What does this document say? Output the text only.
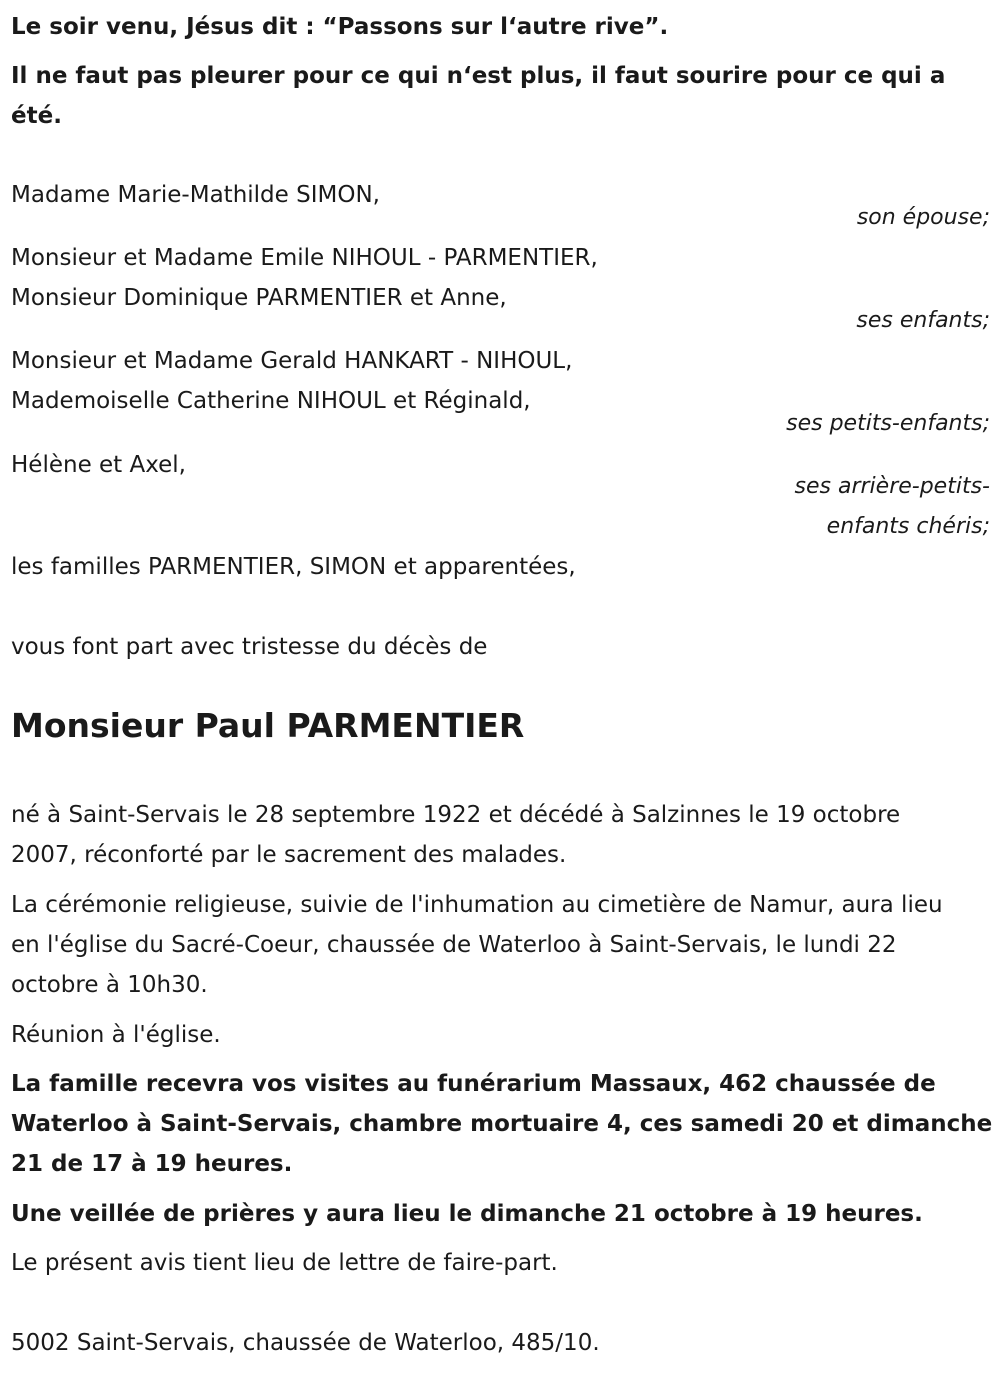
Le soir venu, Jésus dit : “Passons sur l‘autre rive”.

Il ne faut pas pleurer pour ce qui n‘est plus, il faut sourire pour ce qui a été.

Madame Marie-Mathilde SIMON,
son épouse;
Monsieur et Madame Emile NIHOUL - PARMENTIER,
Monsieur Dominique PARMENTIER et Anne,
ses enfants;
Monsieur et Madame Gerald HANKART - NIHOUL,
Mademoiselle Catherine NIHOUL et Réginald,
ses petits-enfants;
Hélène et Axel,
ses arrière-petits-
enfants chéris;
les familles PARMENTIER, SIMON et apparentées,
vous font part avec tristesse du décès de
Monsieur Paul PARMENTIER

né à Saint-Servais le 28 septembre 1922 et décédé à Salzinnes le 19 octobre 2007, réconforté par le sacrement des malades.

La cérémonie religieuse, suivie de l'inhumation au cimetière de Namur, aura lieu en l'église du Sacré-Coeur, chaussée de Waterloo à Saint-Servais, le lundi 22 octobre à 10h30.

Réunion à l'église.

La famille recevra vos visites au funérarium Massaux, 462 chaussée de Waterloo à Saint-Servais, chambre mortuaire 4, ces samedi 20 et dimanche 21 de 17 à 19 heures.

Une veillée de prières y aura lieu le dimanche 21 octobre à 19 heures.

Le présent avis tient lieu de lettre de faire-part.

5002 Saint-Servais, chaussée de Waterloo, 485/10.
